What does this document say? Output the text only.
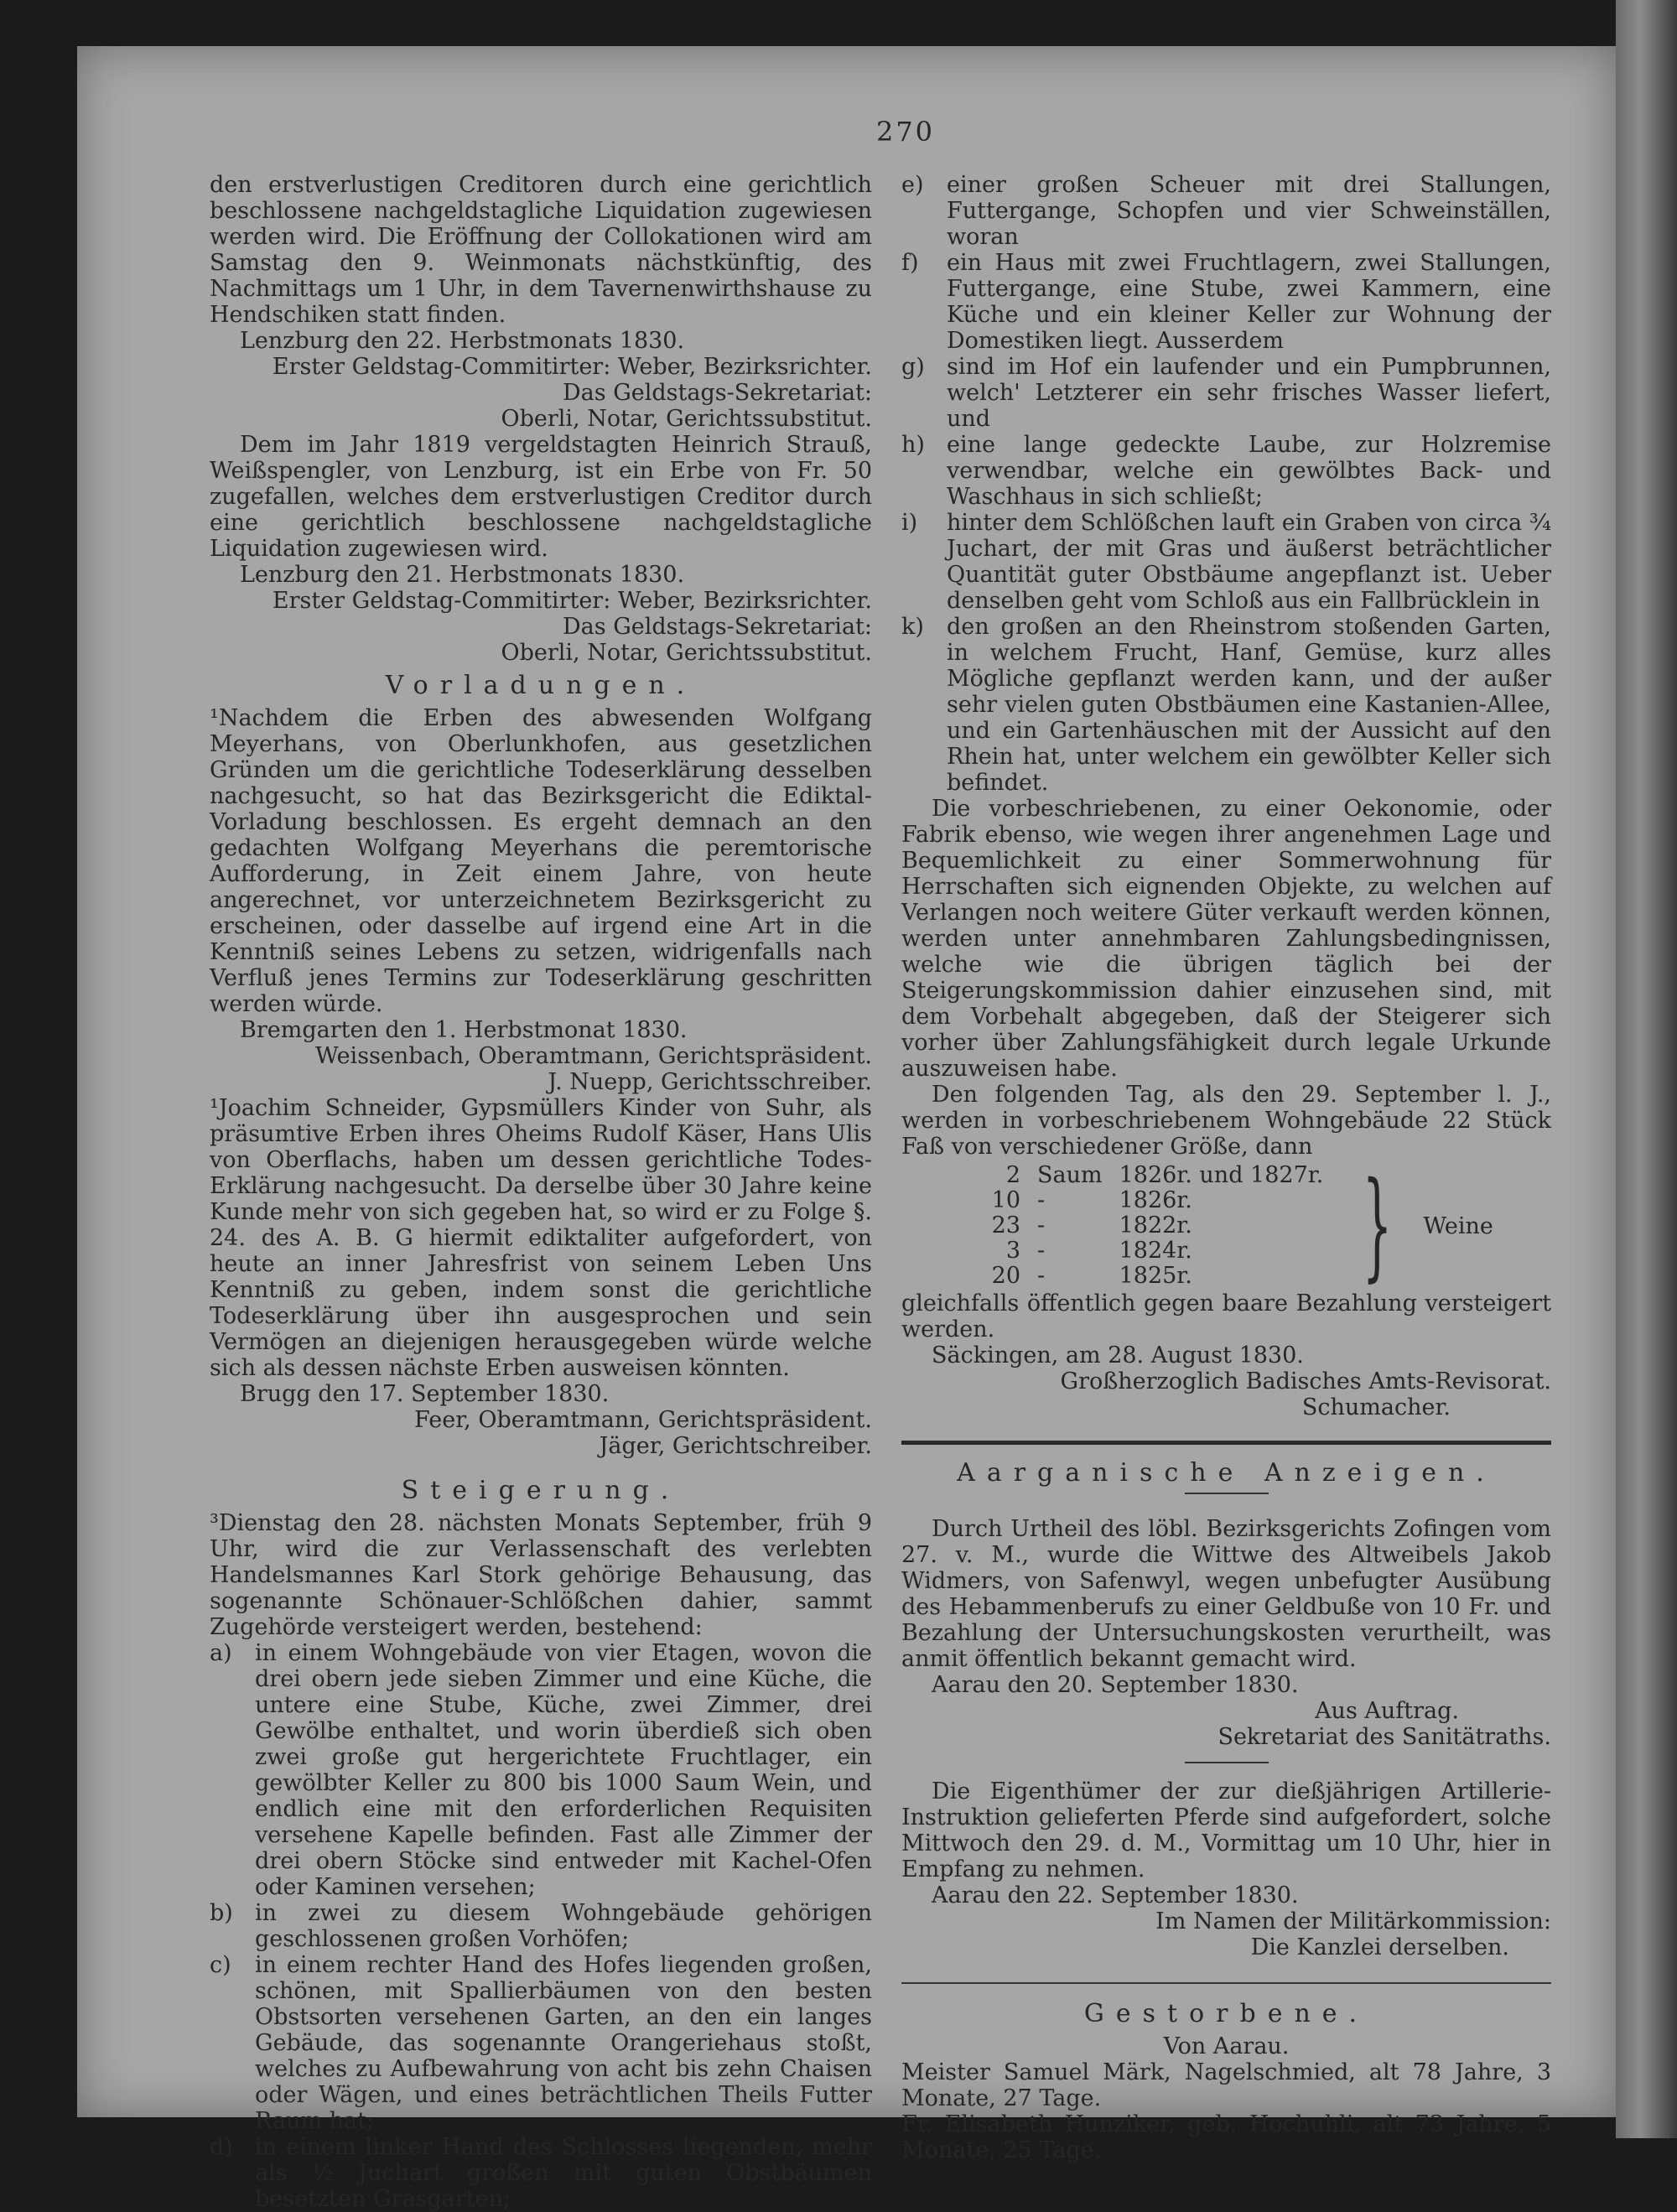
270

den erstverlustigen Creditoren durch eine gerichtlich beschlossene nachgeldstagliche Liquidation zugewiesen werden wird. Die Eröffnung der Collokationen wird am Samstag den 9. Weinmonats nächstkünftig, des Nachmittags um 1 Uhr, in dem Tavernenwirthshause zu Hendschiken statt finden.

Lenzburg den 22. Herbstmonats 1830.

Erster Geldstag-Commitirter: Weber, Bezirksrichter.

Das Geldstags-Sekretariat:

Oberli, Notar, Gerichtssubstitut.

Dem im Jahr 1819 vergeldstagten Heinrich Strauß, Weißspengler, von Lenzburg, ist ein Erbe von Fr. 50 zugefallen, welches dem erstverlustigen Creditor durch eine gerichtlich beschlossene nachgeldstagliche Liquidation zugewiesen wird.

Lenzburg den 21. Herbstmonats 1830.

Erster Geldstag-Commitirter: Weber, Bezirksrichter.

Das Geldstags-Sekretariat:

Oberli, Notar, Gerichtssubstitut.

Vorladungen.

¹Nachdem die Erben des abwesenden Wolfgang Meyerhans, von Oberlunkhofen, aus gesetzlichen Gründen um die gerichtliche Todeserklärung desselben nachgesucht, so hat das Bezirksgericht die Ediktal-Vorladung beschlossen. Es ergeht demnach an den gedachten Wolfgang Meyerhans die peremtorische Aufforderung, in Zeit einem Jahre, von heute angerechnet, vor unterzeichnetem Bezirksgericht zu erscheinen, oder dasselbe auf irgend eine Art in die Kenntniß seines Lebens zu setzen, widrigenfalls nach Verfluß jenes Termins zur Todeserklärung geschritten werden würde.

Bremgarten den 1. Herbstmonat 1830.

Weissenbach, Oberamtmann, Gerichtspräsident.

J. Nuepp, Gerichtsschreiber.

¹Joachim Schneider, Gypsmüllers Kinder von Suhr, als präsumtive Erben ihres Oheims Rudolf Käser, Hans Ulis von Oberflachs, haben um dessen gerichtliche Todes-Erklärung nachgesucht. Da derselbe über 30 Jahre keine Kunde mehr von sich gegeben hat, so wird er zu Folge §. 24. des A. B. G hiermit ediktaliter aufgefordert, von heute an inner Jahresfrist von seinem Leben Uns Kenntniß zu geben, indem sonst die gerichtliche Todeserklärung über ihn ausgesprochen und sein Vermögen an diejenigen herausgegeben würde welche sich als dessen nächste Erben ausweisen könnten.

Brugg den 17. September 1830.

Feer, Oberamtmann, Gerichtspräsident.

Jäger, Gerichtschreiber.

Steigerung.

³Dienstag den 28. nächsten Monats September, früh 9 Uhr, wird die zur Verlassenschaft des verlebten Handelsmannes Karl Stork gehörige Behausung, das sogenannte Schönauer-Schlößchen dahier, sammt Zugehörde versteigert werden, bestehend:

a)	in einem Wohngebäude von vier Etagen, wovon die drei obern jede sieben Zimmer und eine Küche, die untere eine Stube, Küche, zwei Zimmer, drei Gewölbe enthaltet, und worin überdieß sich oben zwei große gut hergerichtete Fruchtlager, ein gewölbter Keller zu 800 bis 1000 Saum Wein, und endlich eine mit den erforderlichen Requisiten versehene Kapelle befinden. Fast alle Zimmer der drei obern Stöcke sind entweder mit Kachel-Ofen oder Kaminen versehen;
b) in zwei zu diesem Wohngebäude gehörigen geschlossenen großen Vorhöfen;
c)	in einem rechter Hand des Hofes liegenden großen, schönen, mit Spallierbäumen von den besten Obstsorten versehenen Garten, an den ein langes Gebäude, das sogenannte Orangeriehaus stoßt, welches zu Aufbewahrung von acht bis zehn Chaisen oder Wägen, und eines beträchtlichen Theils Futter Raum hat;
d) in einem linker Hand des Schlosses liegenden, mehr als ½ Juchart großen mit guten Obstbäumen besetzten Grasgarten;
e)	einer großen Scheuer mit drei Stallungen, Futtergange, Schopfen und vier Schweinställen, woran
f)	ein Haus mit zwei Fruchtlagern, zwei Stallungen, Futtergange, eine Stube, zwei Kammern, eine Küche und ein kleiner Keller zur Wohnung der Domestiken liegt. Ausserdem
g) sind im Hof ein laufender und ein Pumpbrunnen, welch' Letzterer ein sehr frisches Wasser liefert, und
h) eine lange gedeckte Laube, zur Holzremise verwendbar, welche ein gewölbtes Back- und Waschhaus in sich schließt;
i)	hinter dem Schlößchen lauft ein Graben von circa ¾ Juchart, der mit Gras und äußerst beträchtlicher Quantität guter Obstbäume angepflanzt ist. Ueber denselben geht vom Schloß aus ein Fallbrücklein in
k)	den großen an den Rheinstrom stoßenden Garten, in welchem Frucht, Hanf, Gemüse, kurz alles Mögliche gepflanzt werden kann, und der außer sehr vielen guten Obstbäumen eine Kastanien-Allee, und ein Gartenhäuschen mit der Aussicht auf den Rhein hat, unter welchem ein gewölbter Keller sich befindet.

Die vorbeschriebenen, zu einer Oekonomie, oder Fabrik ebenso, wie wegen ihrer angenehmen Lage und Bequemlichkeit zu einer Sommerwohnung für Herrschaften sich eignenden Objekte, zu welchen auf Verlangen noch weitere Güter verkauft werden können, werden unter annehmbaren Zahlungsbedingnissen, welche wie die übrigen täglich bei der Steigerungskommission dahier einzusehen sind, mit dem Vorbehalt abgegeben, daß der Steigerer sich vorher über Zahlungsfähigkeit durch legale Urkunde auszuweisen habe.

Den folgenden Tag, als den 29. September l. J., werden in vorbeschriebenem Wohngebäude 22 Stück Faß von verschiedener Größe, dann

2	Saum	1826r. und 1827r.
10	-	1826r.
23	-	1822r.
3	-	1824r.
20	-	1825r. } Weine

gleichfalls öffentlich gegen baare Bezahlung versteigert werden.

Säckingen, am 28. August 1830.

Großherzoglich Badisches Amts-Revisorat.

Schumacher.

Aarganische Anzeigen.

Durch Urtheil des löbl. Bezirksgerichts Zofingen vom 27. v. M., wurde die Wittwe des Altweibels Jakob Widmers, von Safenwyl, wegen unbefugter Ausübung des Hebammenberufs zu einer Geldbuße von 10 Fr. und Bezahlung der Untersuchungskosten verurtheilt, was anmit öffentlich bekannt gemacht wird.

Aarau den 20. September 1830.

Aus Auftrag.

Sekretariat des Sanitätraths.

Die Eigenthümer der zur dießjährigen Artillerie-Instruktion gelieferten Pferde sind aufgefordert, solche Mittwoch den 29. d. M., Vormittag um 10 Uhr, hier in Empfang zu nehmen.

Aarau den 22. September 1830.

Im Namen der Militärkommission:

Die Kanzlei derselben.

Gestorbene.

Von Aarau.

Meister Samuel Märk, Nagelschmied, alt 78 Jahre, 3 Monate, 27 Tage.

Fr. Elisabeth Hunziker, geb. Hochuhli, alt 73 Jahre, 5 Monate, 25 Tage.
